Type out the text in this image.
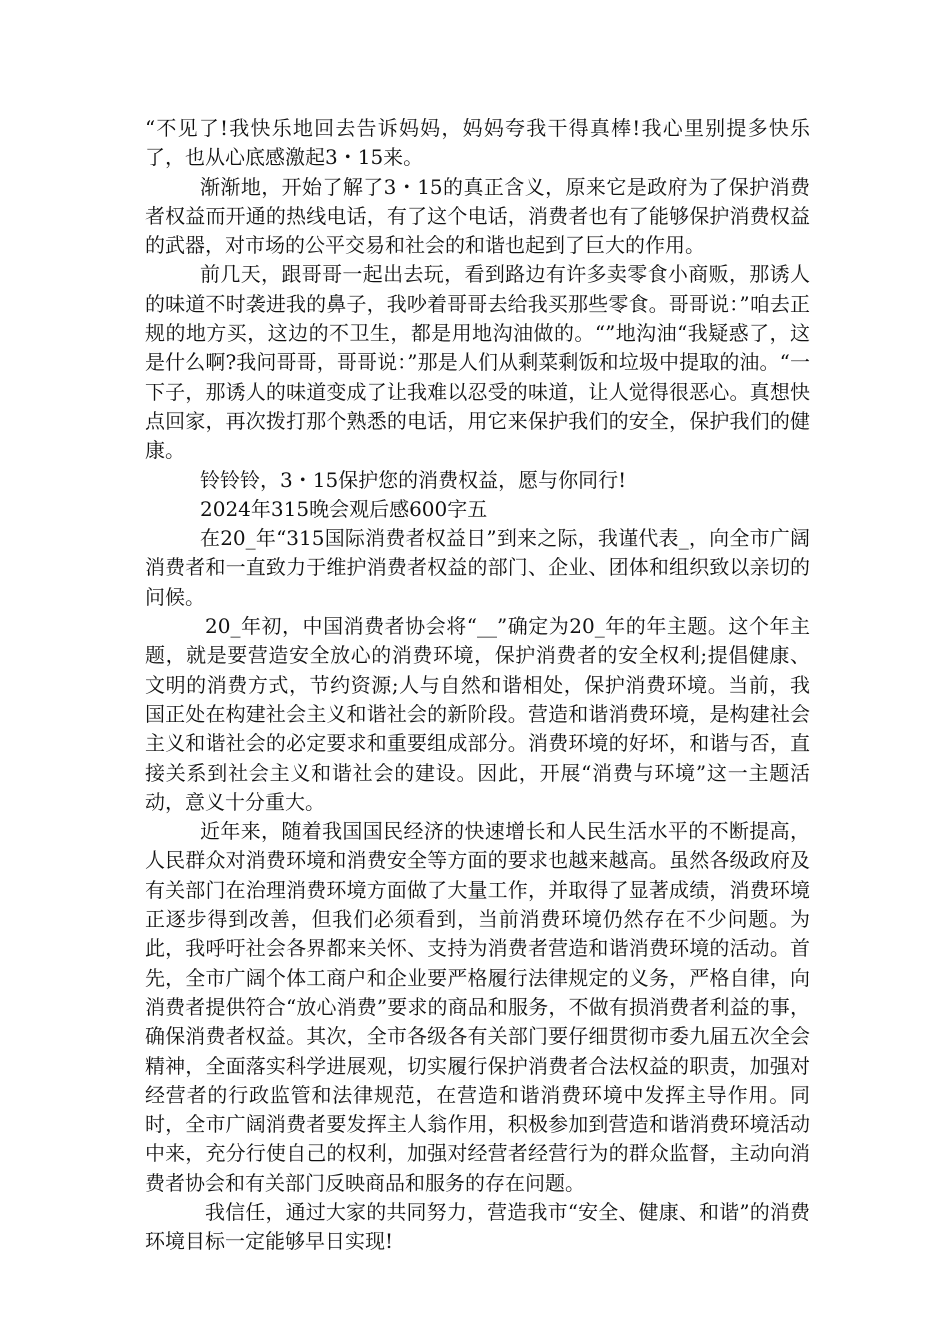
“不见了!我快乐地回去告诉妈妈，妈妈夸我干得真棒!我心里别提多快乐了，也从心底感激起3・15来。

渐渐地，开始了解了3・15的真正含义，原来它是政府为了保护消费者权益而开通的热线电话，有了这个电话，消费者也有了能够保护消费权益的武器，对市场的公平交易和社会的和谐也起到了巨大的作用。

前几天，跟哥哥一起出去玩，看到路边有许多卖零食小商贩，那诱人的味道不时袭进我的鼻子，我吵着哥哥去给我买那些零食。哥哥说：”咱去正规的地方买，这边的不卫生，都是用地沟油做的。“”地沟油“我疑惑了，这是什么啊?我问哥哥，哥哥说：”那是人们从剩菜剩饭和垃圾中提取的油。“一下子，那诱人的味道变成了让我难以忍受的味道，让人觉得很恶心。真想快点回家，再次拨打那个熟悉的电话，用它来保护我们的安全，保护我们的健康。

铃铃铃，3・15保护您的消费权益，愿与你同行!

2024年315晚会观后感600字五

在20_年“315国际消费者权益日”到来之际，我谨代表_，向全市广阔消费者和一直致力于维护消费者权益的部门、企业、团体和组织致以亲切的问候。

20_年初，中国消费者协会将“__”确定为20_年的年主题。这个年主题，就是要营造安全放心的消费环境，保护消费者的安全权利;提倡健康、文明的消费方式，节约资源;人与自然和谐相处，保护消费环境。当前，我国正处在构建社会主义和谐社会的新阶段。营造和谐消费环境，是构建社会主义和谐社会的必定要求和重要组成部分。消费环境的好坏，和谐与否，直接关系到社会主义和谐社会的建设。因此，开展“消费与环境”这一主题活动，意义十分重大。

近年来，随着我国国民经济的快速增长和人民生活水平的不断提高，人民群众对消费环境和消费安全等方面的要求也越来越高。虽然各级政府及有关部门在治理消费环境方面做了大量工作，并取得了显著成绩，消费环境正逐步得到改善，但我们必须看到，当前消费环境仍然存在不少问题。为此，我呼吁社会各界都来关怀、支持为消费者营造和谐消费环境的活动。首先，全市广阔个体工商户和企业要严格履行法律规定的义务，严格自律，向消费者提供符合“放心消费”要求的商品和服务，不做有损消费者利益的事，确保消费者权益。其次，全市各级各有关部门要仔细贯彻市委九届五次全会精神，全面落实科学进展观，切实履行保护消费者合法权益的职责，加强对经营者的行政监管和法律规范，在营造和谐消费环境中发挥主导作用。同时，全市广阔消费者要发挥主人翁作用，积极参加到营造和谐消费环境活动中来，充分行使自己的权利，加强对经营者经营行为的群众监督，主动向消费者协会和有关部门反映商品和服务的存在问题。

我信任，通过大家的共同努力，营造我市“安全、健康、和谐”的消费环境目标一定能够早日实现!
